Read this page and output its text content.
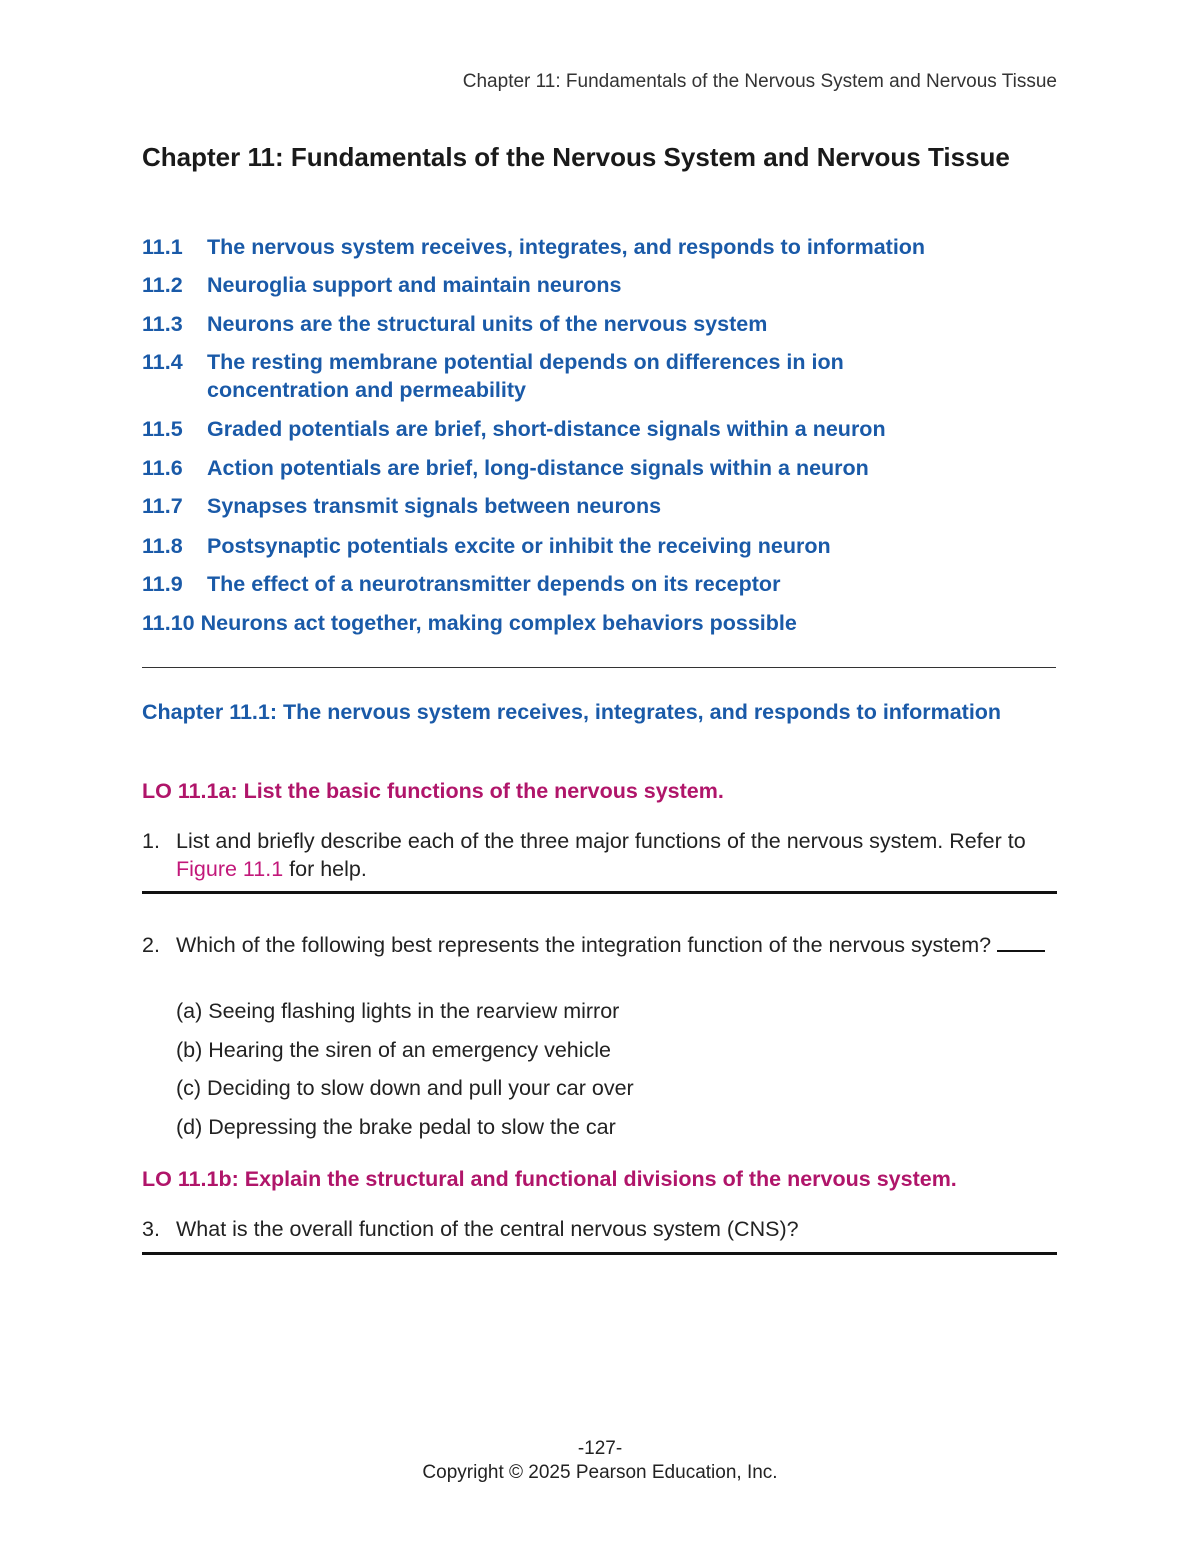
Chapter 11: Fundamentals of the Nervous System and Nervous Tissue
Chapter 11: Fundamentals of the Nervous System and Nervous Tissue
11.1	The nervous system receives, integrates, and responds to information
11.2	Neuroglia support and maintain neurons
11.3	Neurons are the structural units of the nervous system
11.4	The resting membrane potential depends on differences in ion concentration and permeability
11.5	Graded potentials are brief, short-distance signals within a neuron
11.6	Action potentials are brief, long-distance signals within a neuron
11.7	Synapses transmit signals between neurons
11.8	Postsynaptic potentials excite or inhibit the receiving neuron
11.9	The effect of a neurotransmitter depends on its receptor
11.10 Neurons act together, making complex behaviors possible
Chapter 11.1: The nervous system receives, integrates, and responds to information
LO 11.1a: List the basic functions of the nervous system.
1. List and briefly describe each of the three major functions of the nervous system. Refer to Figure 11.1 for help.
2. Which of the following best represents the integration function of the nervous system?
(a) Seeing flashing lights in the rearview mirror
(b) Hearing the siren of an emergency vehicle
(c) Deciding to slow down and pull your car over
(d) Depressing the brake pedal to slow the car
LO 11.1b: Explain the structural and functional divisions of the nervous system.
3. What is the overall function of the central nervous system (CNS)?
-127-
Copyright © 2025 Pearson Education, Inc.
